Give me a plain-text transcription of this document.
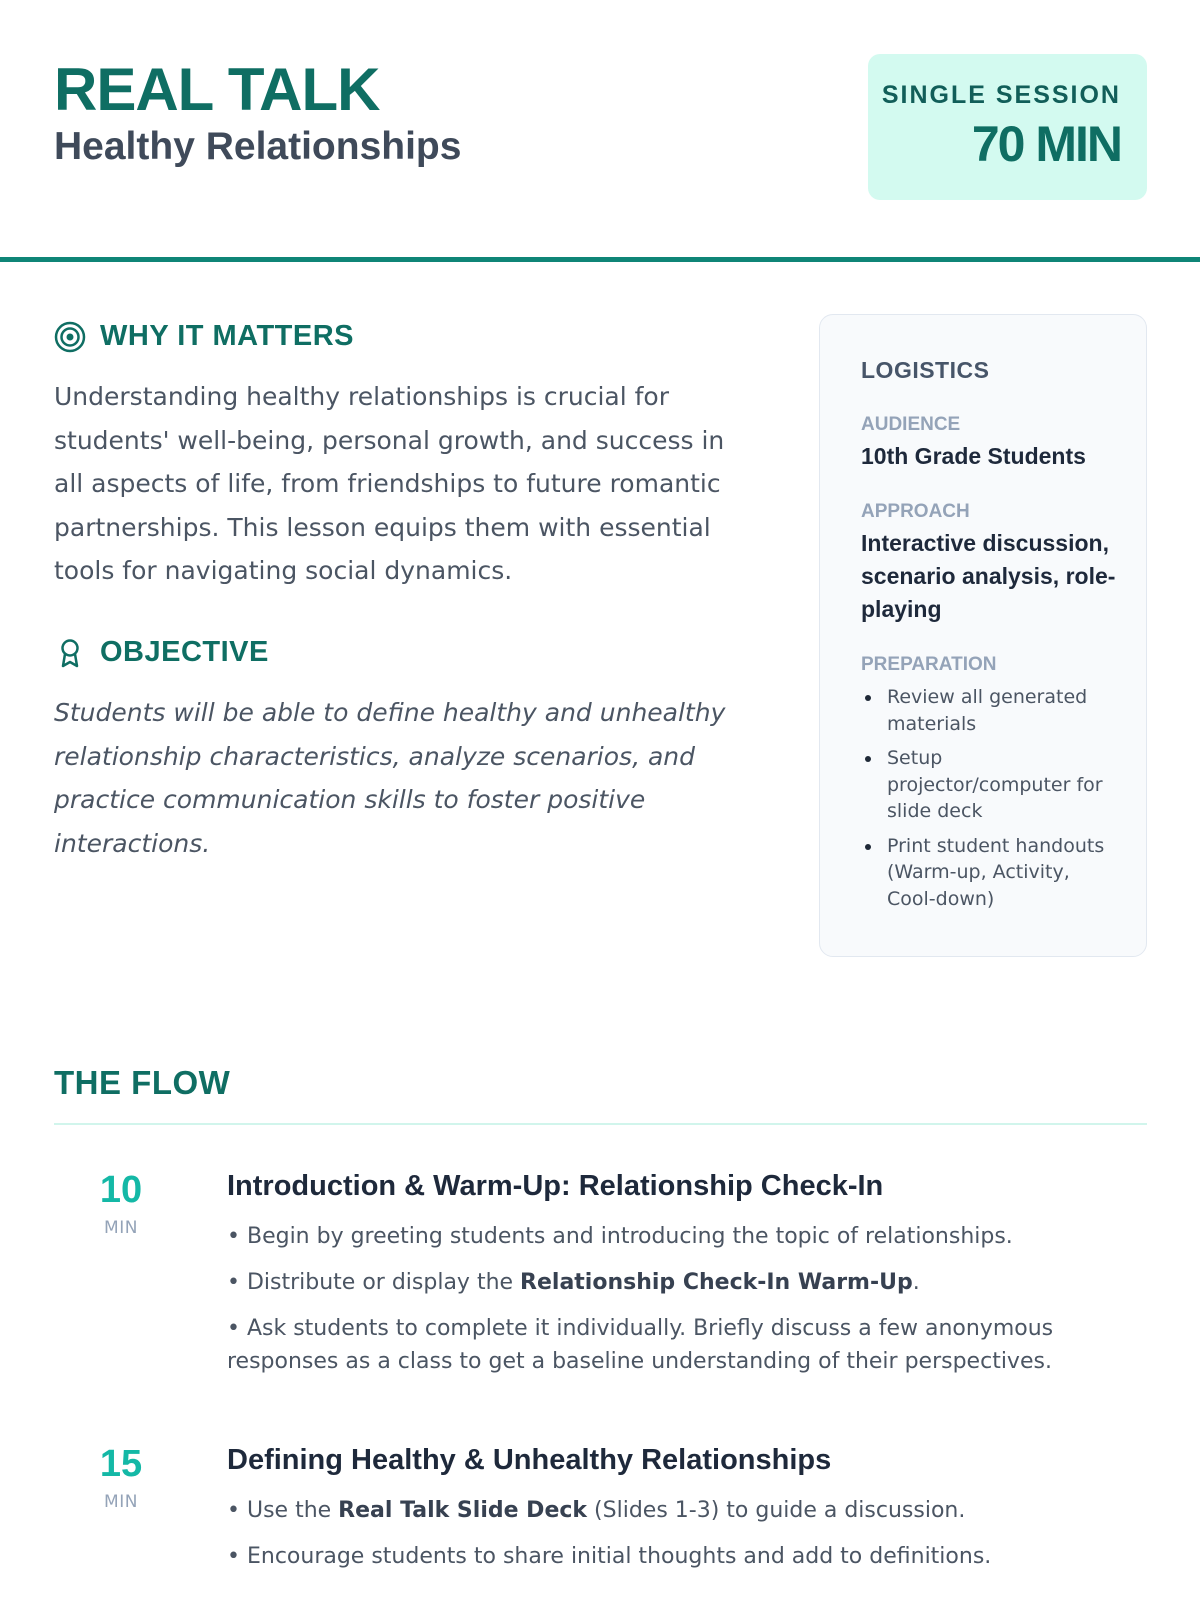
REAL TALK
Healthy Relationships
SINGLE SESSION
70 MIN
WHY IT MATTERS

Understanding healthy relationships is crucial for students' well-being, personal growth, and success in all aspects of life, from friendships to future romantic partnerships. This lesson equips them with essential tools for navigating social dynamics.

OBJECTIVE

Students will be able to define healthy and unhealthy relationship characteristics, analyze scenarios, and practice communication skills to foster positive interactions.

LOGISTICS
AUDIENCE
10th Grade Students
APPROACH
Interactive discussion, scenario analysis, role-playing
PREPARATION
Review all generated materials
Setup projector/computer for slide deck
Print student handouts (Warm-up, Activity, Cool-down)
THE FLOW
10
MIN
Introduction & Warm-Up: Relationship Check-In
• Begin by greeting students and introducing the topic of relationships.
• Distribute or display the Relationship Check-In Warm-Up.
• Ask students to complete it individually. Briefly discuss a few anonymous responses as a class to get a baseline understanding of their perspectives.
15
MIN
Defining Healthy & Unhealthy Relationships
• Use the Real Talk Slide Deck (Slides 1-3) to guide a discussion.
• Encourage students to share initial thoughts and add to definitions.
